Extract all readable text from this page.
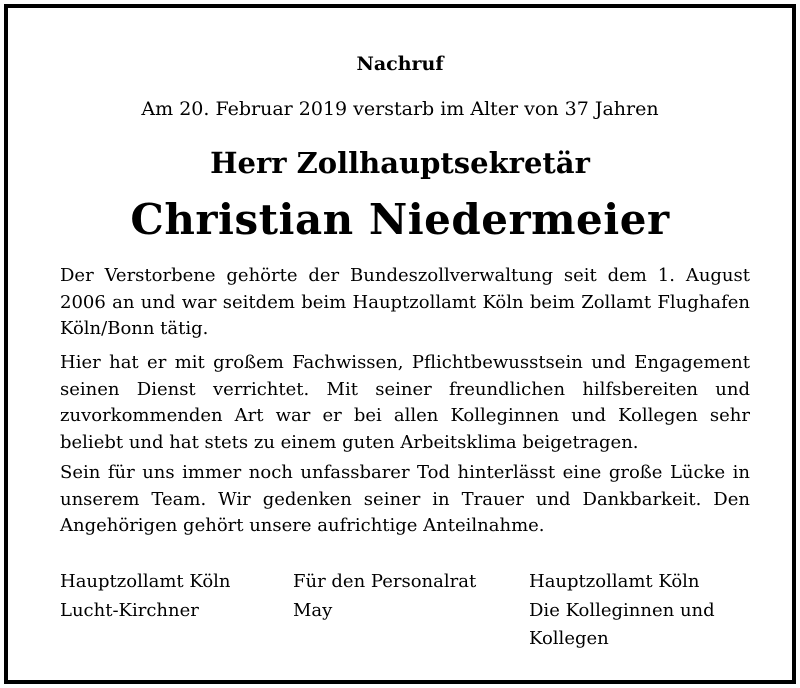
Nachruf
Am 20. Februar 2019 verstarb im Alter von 37 Jahren
Herr Zollhauptsekretär
Christian Niedermeier

Der Verstorbene gehörte der Bundeszollverwaltung seit dem 1. August 2006 an und war seitdem beim Hauptzollamt Köln beim Zollamt Flughafen Köln/Bonn tätig.

Hier hat er mit großem Fachwissen, Pflichtbewusstsein und Engagement seinen Dienst verrichtet. Mit seiner freundlichen hilfsbereiten und zuvorkommenden Art war er bei allen Kolleginnen und Kollegen sehr beliebt und hat stets zu einem guten Arbeitsklima beigetragen.

Sein für uns immer noch unfassbarer Tod hinterlässt eine große Lücke in unserem Team. Wir gedenken seiner in Trauer und Dankbarkeit. Den Angehörigen gehört unsere aufrichtige Anteilnahme.

Hauptzollamt Köln
Lucht-Kirchner
Für den Personalrat
May
Hauptzollamt Köln
Die Kolleginnen und
Kollegen
